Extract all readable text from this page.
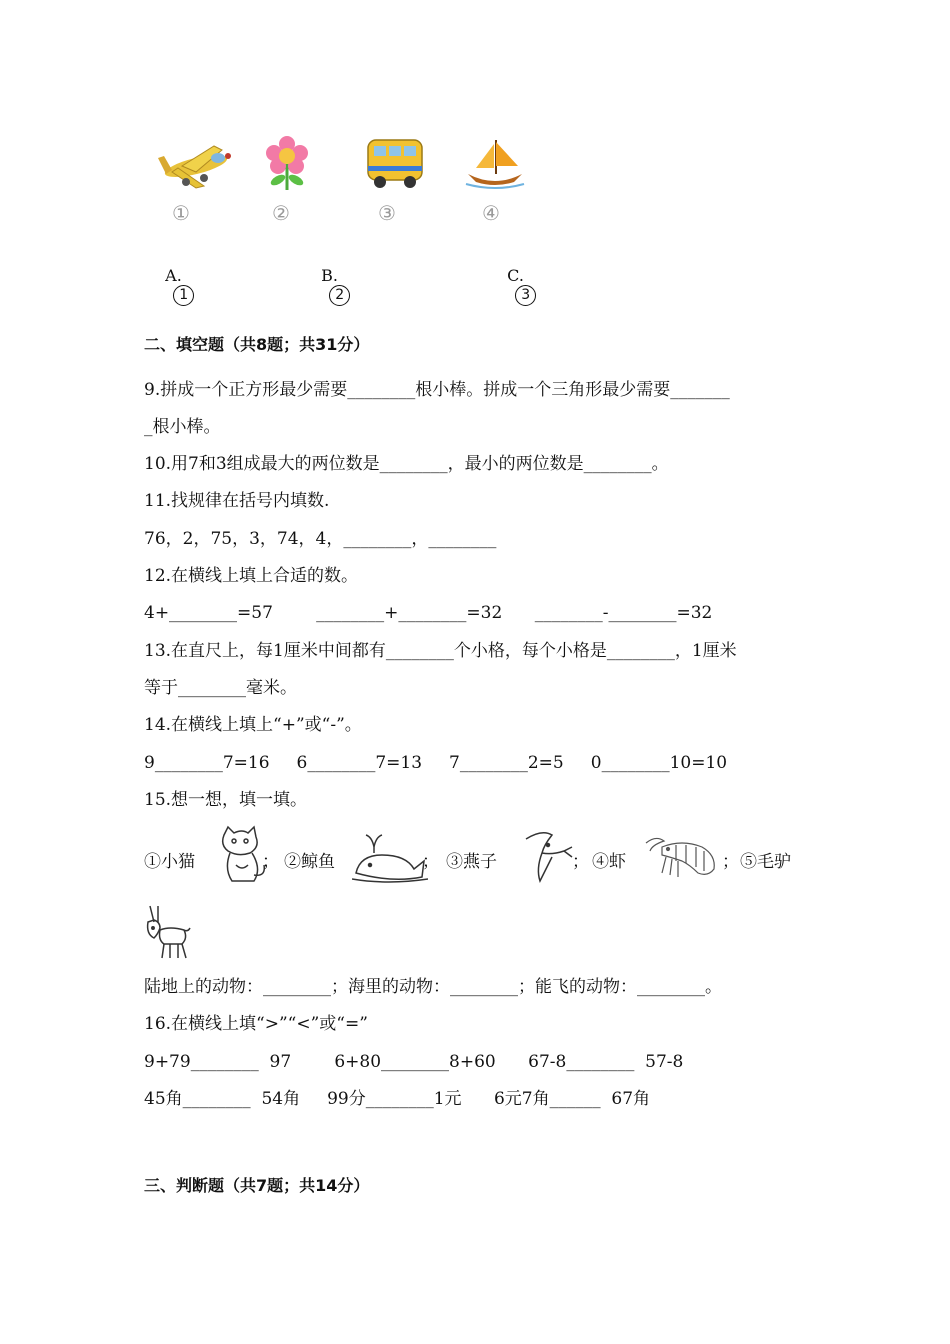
①	②	③	④

A.
1

B.
2

C.
3

二、填空题（共8题；共31分）
9.拼成一个正方形最少需要________根小棒。拼成一个三角形最少需要_______
_根小棒。
10.用7和3组成最大的两位数是________，最小的两位数是________。
11.找规律在括号内填数.
76，2，75，3，74，4，________，________
12.在横线上填上合适的数。
4+________=57        ________+________=32      ________-________=32
13.在直尺上，每1厘米中间都有________个小格，每个小格是________，1厘米
等于________毫米。
14.在横线上填上“+”或“-”。
9________7=16     6________7=13     7________2=5     0________10=10
15.想一想，填一填。
①小猫	； ②鲸鱼	； ③燕子	； ④虾	； ⑤毛驴
陆地上的动物：________；海里的动物：________；能飞的动物：________。
16.在横线上填“>”“<”或“=”
9+79________  97        6+80________8+60      67-8________  57-8
45角________  54角     99分________1元      6元7角______  67角
三、判断题（共7题；共14分）
